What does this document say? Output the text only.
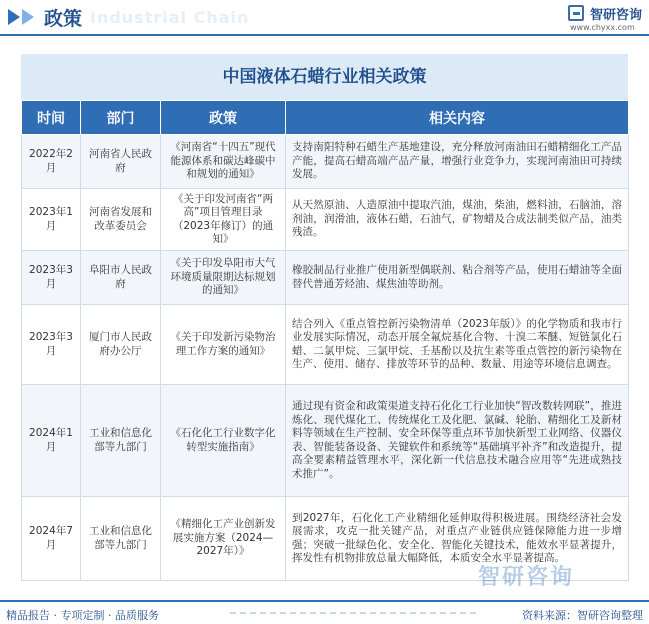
政策 Industrial Chain	智研咨询
www.chyxx.com
中国液体石蜡行业相关政策
时间	部门	政策	相关内容
2022年2月	河南省人民政府	《河南省“十四五”现代能源体系和碳达峰碳中和规划的通知》	支持南阳特种石蜡生产基地建设，充分释放河南油田石蜡精细化工产品产能，提高石蜡高端产品产量，增强行业竞争力，实现河南油田可持续发展。
2023年1月	河南省发展和改革委员会	《关于印发河南省“两高”项目管理目录（2023年修订）的通知》	从天然原油、人造原油中提取汽油，煤油，柴油，燃料油，石脑油，溶剂油，润滑油，液体石蜡，石油气，矿物蜡及合成法制类似产品，油类残渣。
2023年3月	阜阳市人民政府	《关于印发阜阳市大气环境质量限期达标规划的通知》	橡胶制品行业推广使用新型偶联剂、粘合剂等产品，使用石蜡油等全面替代普通芳烃油、煤焦油等助剂。
2023年3月	厦门市人民政府办公厅	《关于印发新污染物治理工作方案的通知》	结合列入《重点管控新污染物清单（2023年版）》的化学物质和我市行业发展实际情况，动态开展全氟烷基化合物、十溴二苯醚、短链氯化石蜡、二氯甲烷、三氯甲烷、壬基酚以及抗生素等重点管控的新污染物在生产、使用、储存、排放等环节的品种、数量、用途等环境信息调查。
2024年1月	工业和信息化部等九部门	《石化化工行业数字化转型实施指南》	通过现有资金和政策渠道支持石化化工行业加快“智改数转网联”，推进炼化、现代煤化工、传统煤化工及化肥、氯碱、轮胎、精细化工及新材料等领域在生产控制、安全环保等重点环节加快新型工业网络、仪器仪表、智能装备设备、关键软件和系统等“基础填平补齐”和改造提升，提高全要素精益管理水平，深化新一代信息技术融合应用等“先进成熟技术推广”。
2024年7月	工业和信息化部等九部门	《精细化工产业创新发展实施方案（2024—2027年）》	到2027年，石化化工产业精细化延伸取得积极进展。围绕经济社会发展需求，攻克一批关键产品，对重点产业链供应链保障能力进一步增强；突破一批绿色化、安全化、智能化关键技术，能效水平显著提升，挥发性有机物排放总量大幅降低，本质安全水平显著提高。
智研咨询
精品报告 · 专项定制 · 品质服务	资料来源：智研咨询整理
